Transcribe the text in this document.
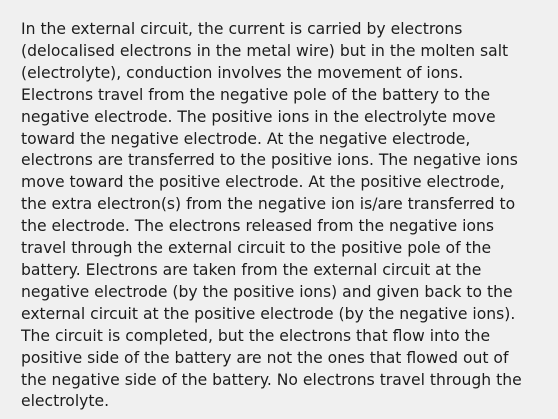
In the external circuit, the current is carried by electrons
(delocalised electrons in the metal wire) but in the molten salt
(electrolyte), conduction involves the movement of ions.
Electrons travel from the negative pole of the battery to the
negative electrode. The positive ions in the electrolyte move
toward the negative electrode. At the negative electrode,
electrons are transferred to the positive ions. The negative ions
move toward the positive electrode. At the positive electrode,
the extra electron(s) from the negative ion is/are transferred to
the electrode. The electrons released from the negative ions
travel through the external circuit to the positive pole of the
battery. Electrons are taken from the external circuit at the
negative electrode (by the positive ions) and given back to the
external circuit at the positive electrode (by the negative ions).
The circuit is completed, but the electrons that flow into the
positive side of the battery are not the ones that flowed out of
the negative side of the battery. No electrons travel through the
electrolyte.
